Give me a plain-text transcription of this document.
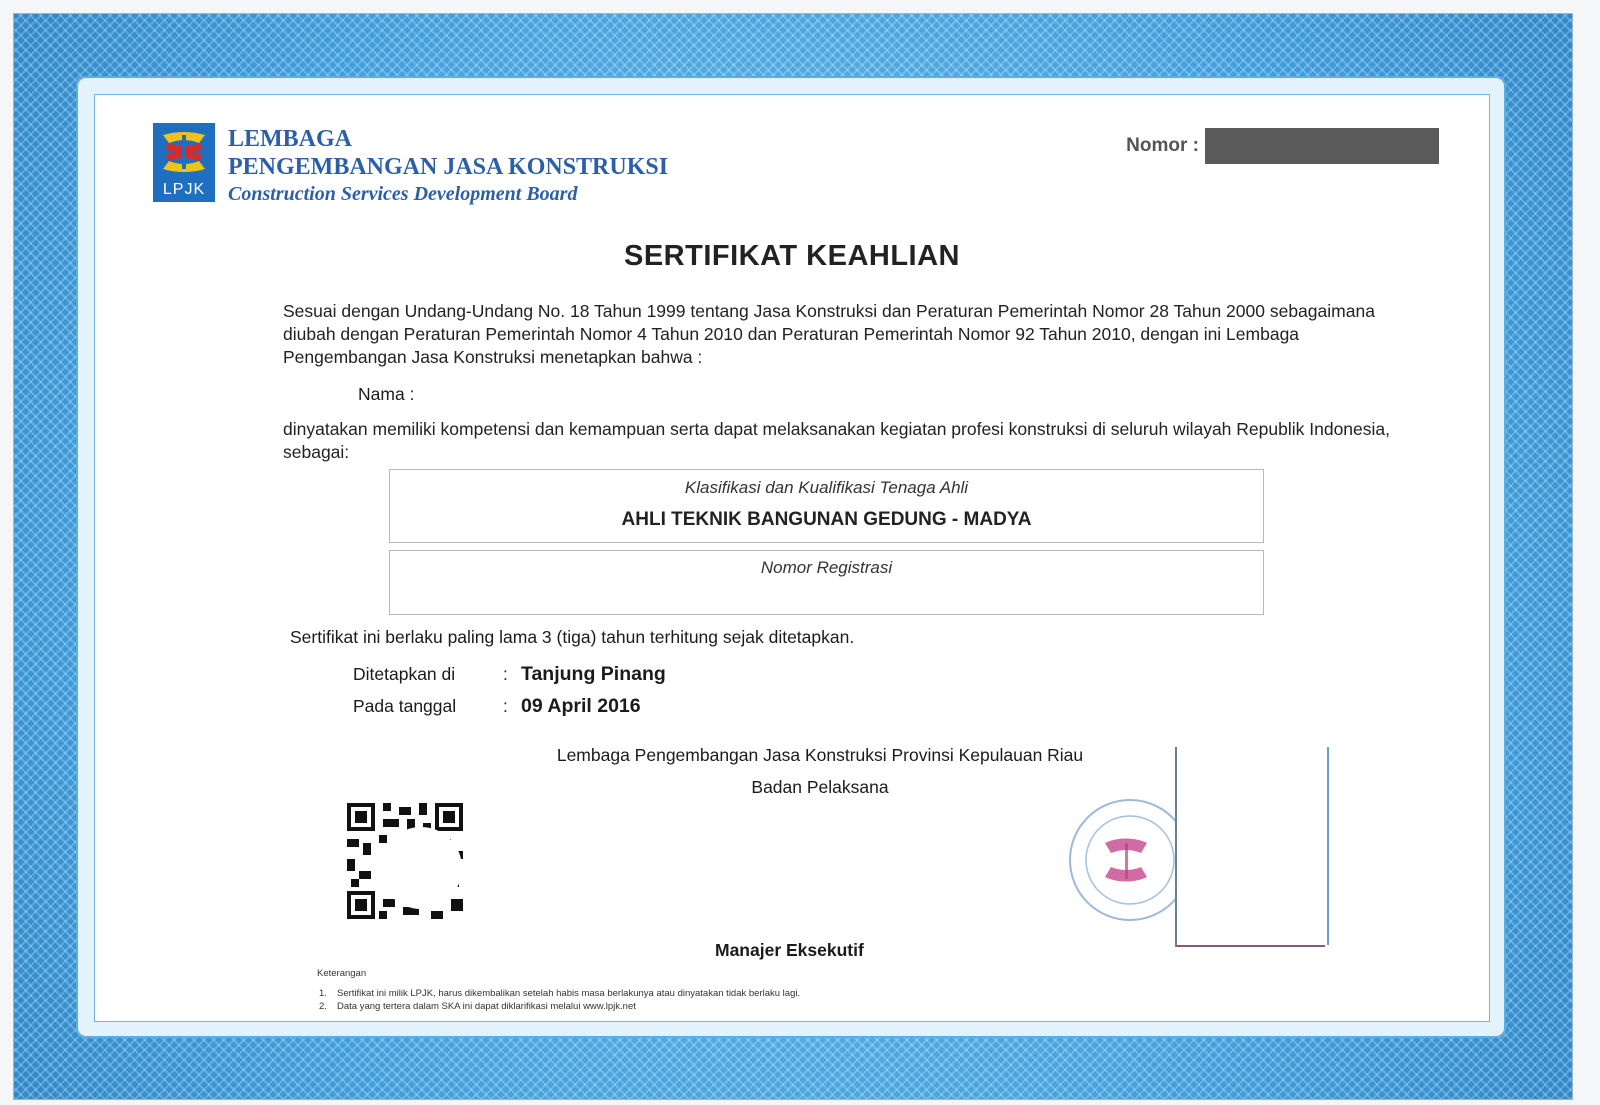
LPJK
LEMBAGA
PENGEMBANGAN JASA KONSTRUKSI
Construction Services Development Board
Nomor :
SERTIFIKAT KEAHLIAN
Sesuai dengan Undang-Undang No. 18 Tahun 1999 tentang Jasa Konstruksi dan Peraturan Pemerintah Nomor 28 Tahun 2000 sebagaimana diubah dengan Peraturan Pemerintah Nomor 4 Tahun 2010 dan Peraturan Pemerintah Nomor 92 Tahun 2010, dengan ini Lembaga Pengembangan Jasa Konstruksi menetapkan bahwa :
Nama :
dinyatakan memiliki kompetensi dan kemampuan serta dapat melaksanakan kegiatan profesi konstruksi di seluruh wilayah Republik Indonesia, sebagai:
Klasifikasi dan Kualifikasi Tenaga Ahli
AHLI TEKNIK BANGUNAN GEDUNG - MADYA
Nomor Registrasi
Sertifikat ini berlaku paling lama 3 (tiga) tahun terhitung sejak ditetapkan.
Ditetapkan di	: Tanjung Pinang
Pada tanggal	: 09 April 2016
Lembaga Pengembangan Jasa Konstruksi Provinsi Kepulauan Riau
Badan Pelaksana
Manajer Eksekutif
Keterangan
1. Sertifikat ini milik LPJK, harus dikembalikan setelah habis masa berlakunya atau dinyatakan tidak berlaku lagi.
2. Data yang tertera dalam SKA ini dapat diklarifikasi melalui www.lpjk.net
